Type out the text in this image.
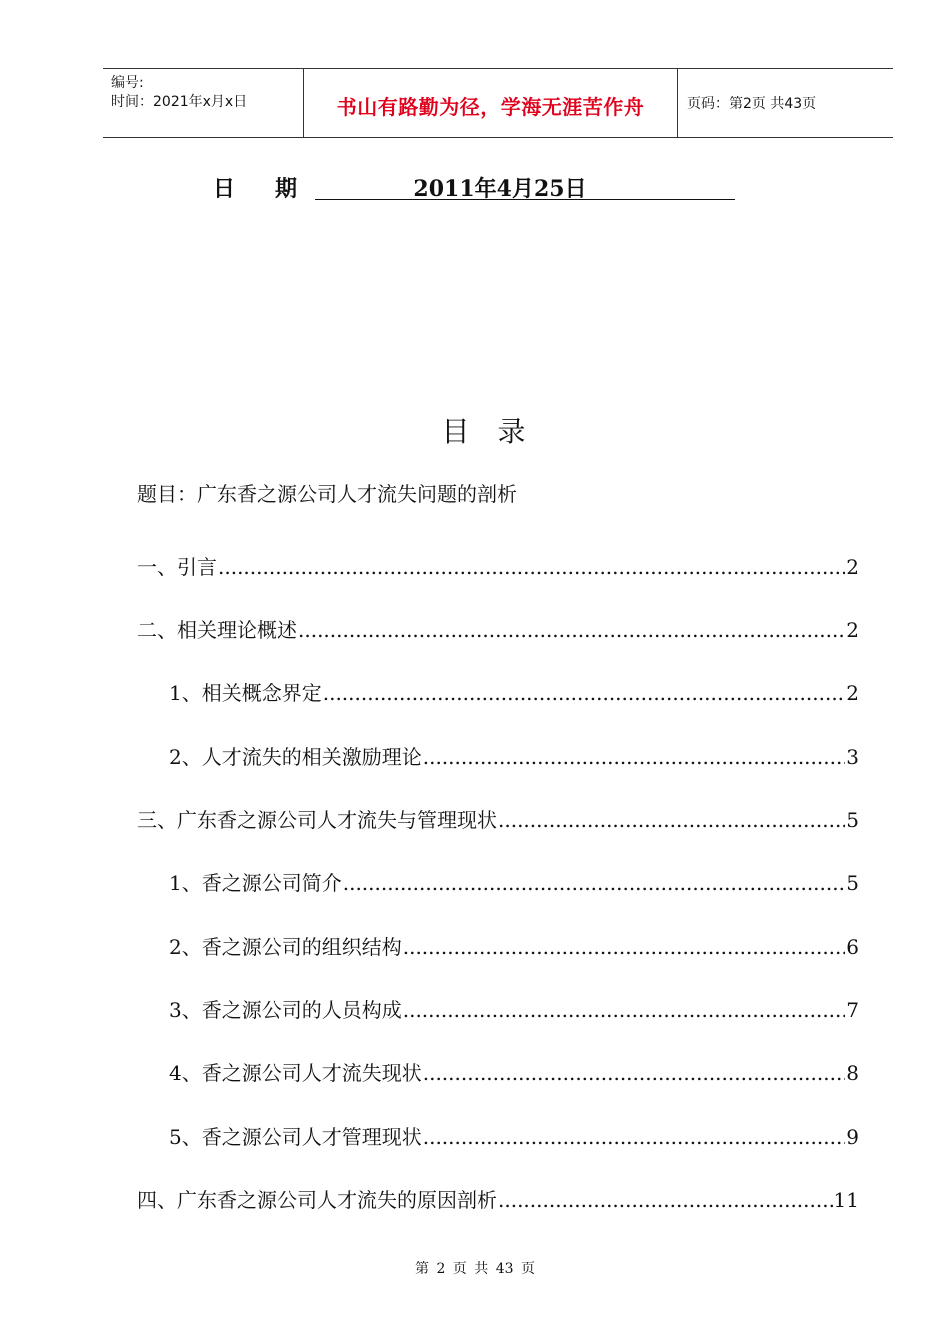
编号:
时间：2021年x月x日	书山有路勤为径，学海无涯苦作舟	页码：第2页 共43页
日期	2011年4月25日
目录
题目：广东香之源公司人才流失问题的剖析
一、引言 .....	2
二、相关理论概述 .....	2
1、相关概念界定 .....	2
2、人才流失的相关激励理论 .....	3
三、广东香之源公司人才流失与管理现状 .....	5
1、香之源公司简介 .....	5
2、香之源公司的组织结构 .....	6
3、香之源公司的人员构成 .....	7
4、香之源公司人才流失现状 .....	8
5、香之源公司人才管理现状 .....	9
四、广东香之源公司人才流失的原因剖析 .....	11
第 2 页 共 43 页
